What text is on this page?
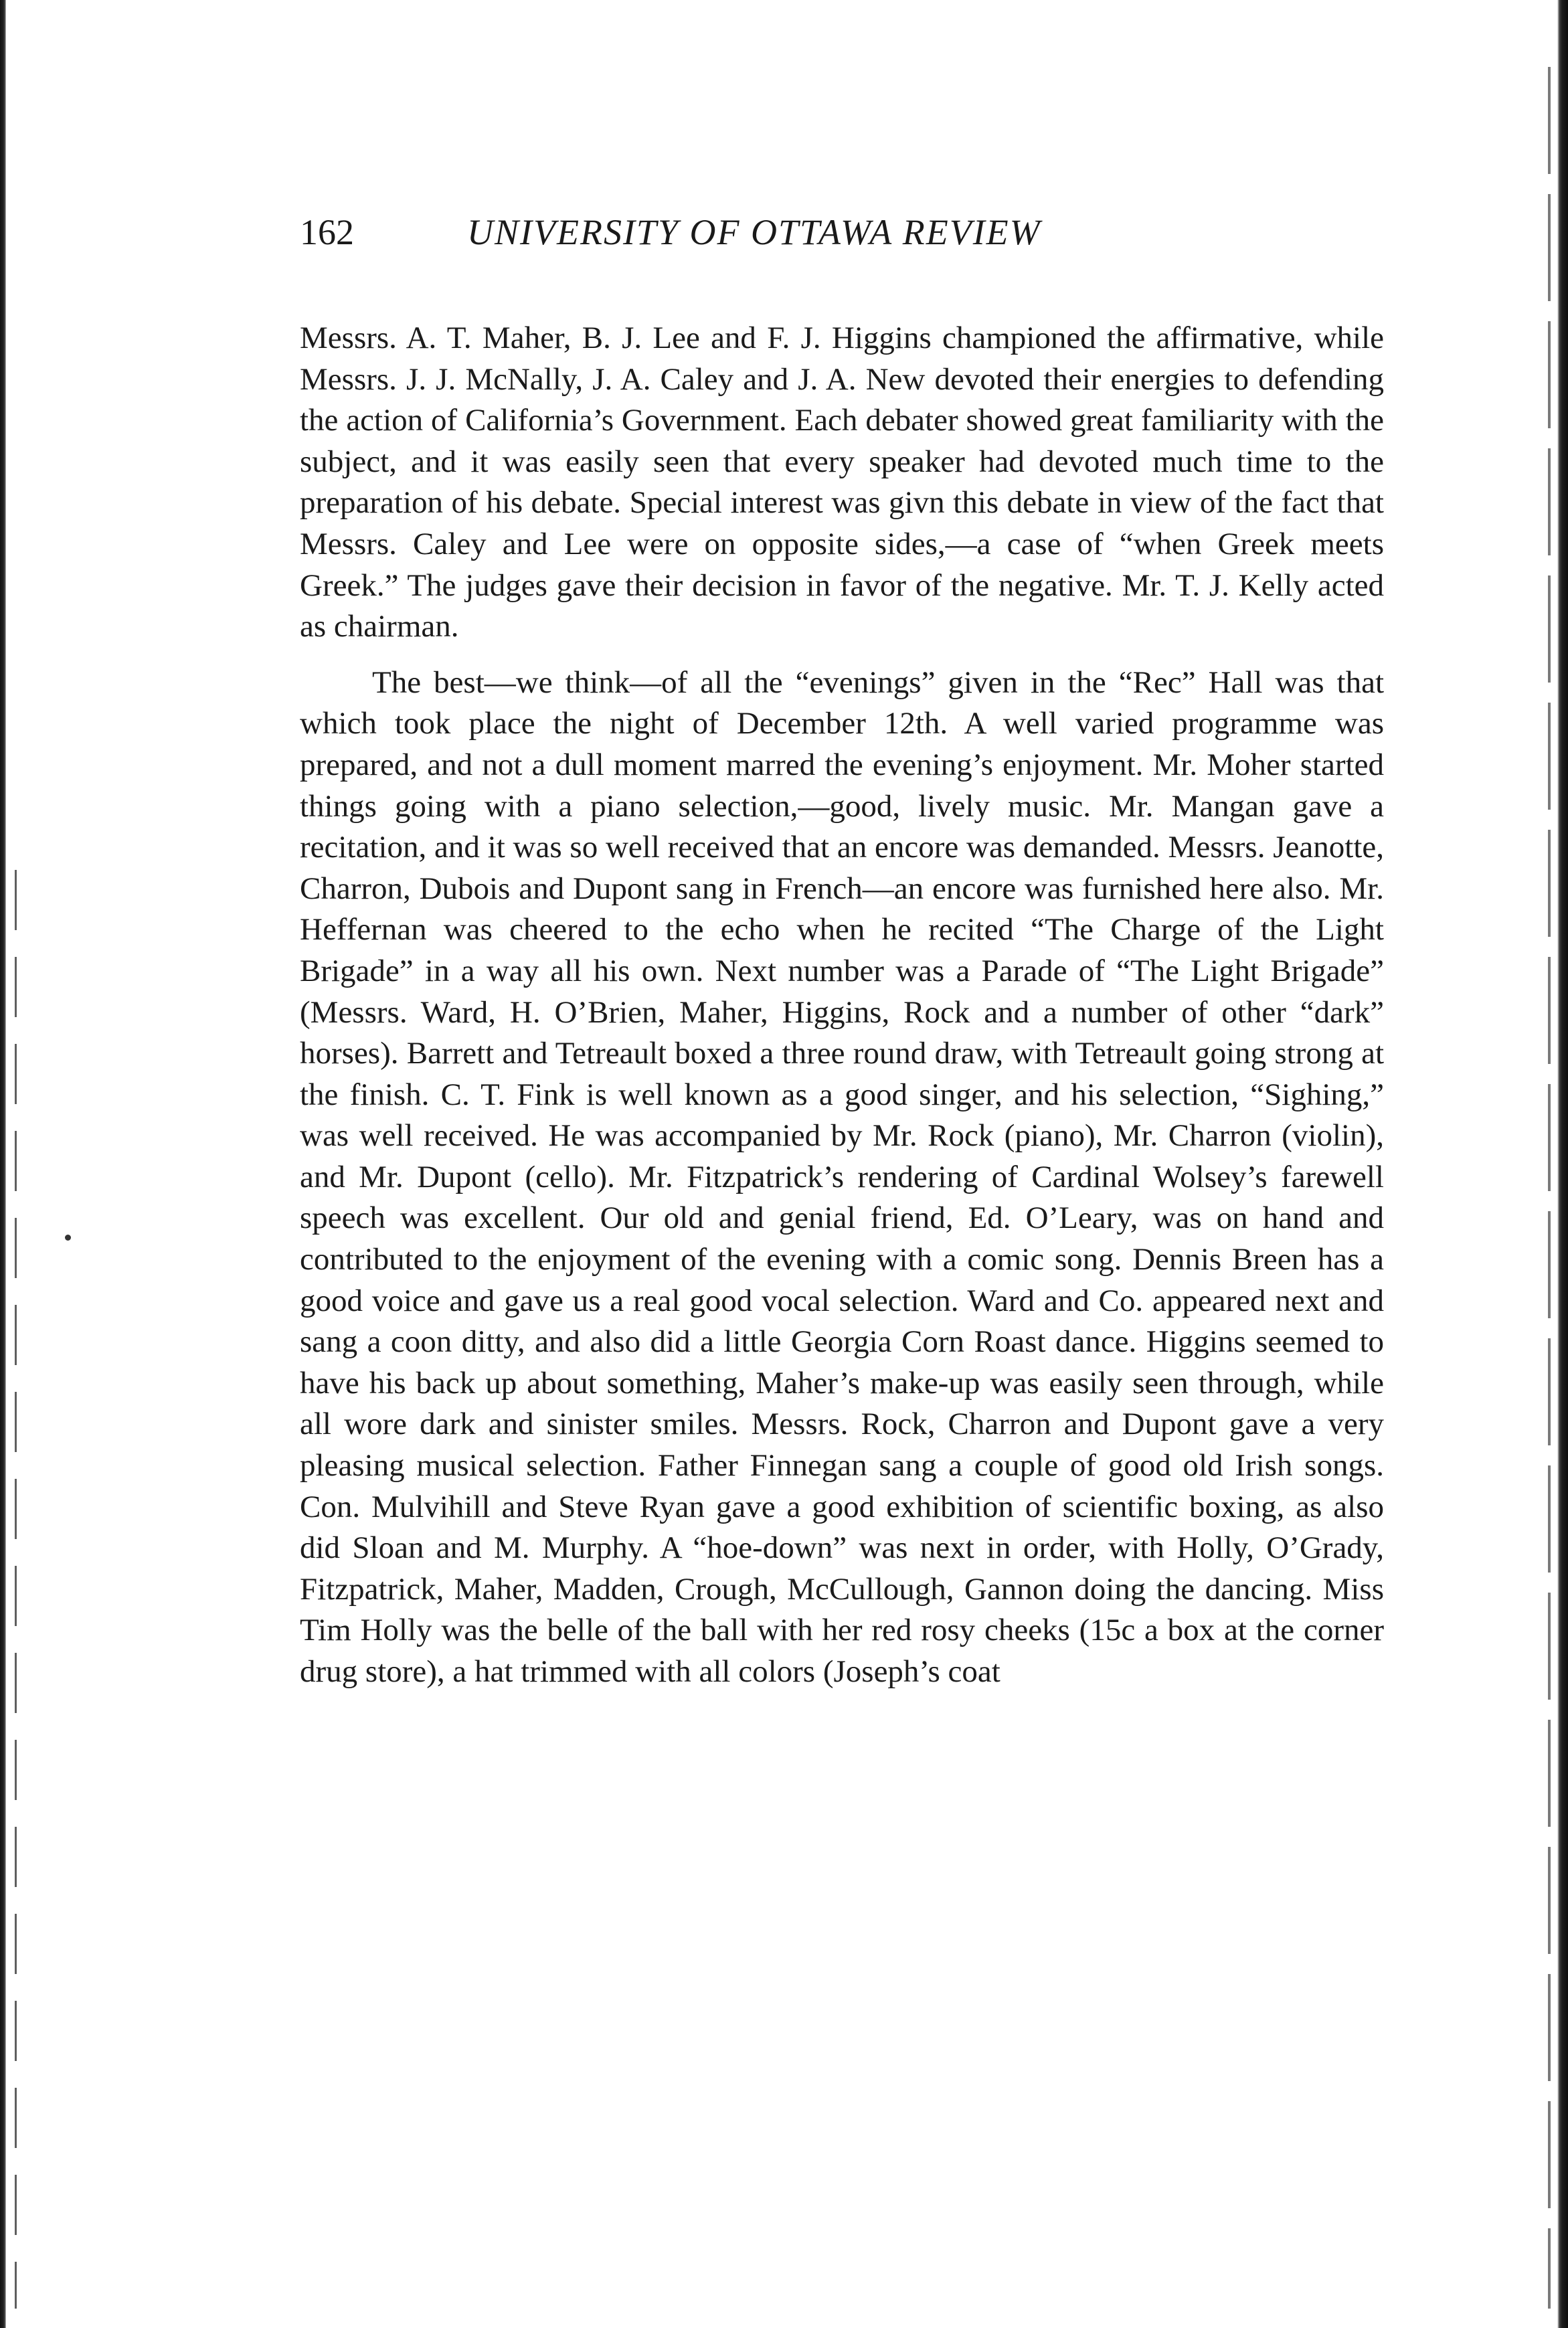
162	UNIVERSITY OF OTTAWA REVIEW

Messrs. A. T. Maher, B. J. Lee and F. J. Higgins championed the affirmative, while Messrs. J. J. McNally, J. A. Caley and J. A. New devoted their energies to defending the action of California’s Government. Each debater showed great familiarity with the subject, and it was easily seen that every speaker had devoted much time to the preparation of his debate. Special interest was givn this debate in view of the fact that Messrs. Caley and Lee were on opposite sides,—a case of “when Greek meets Greek.” The judges gave their decision in favor of the negative. Mr. T. J. Kelly acted as chairman.

The best—we think—of all the “evenings” given in the “Rec” Hall was that which took place the night of December 12th. A well varied programme was prepared, and not a dull moment marred the evening’s enjoyment. Mr. Moher started things going with a piano selection,—good, lively music. Mr. Mangan gave a recitation, and it was so well received that an encore was demanded. Messrs. Jeanotte, Charron, Dubois and Dupont sang in French—an encore was furnished here also. Mr. Heffernan was cheered to the echo when he recited “The Charge of the Light Brigade” in a way all his own. Next number was a Parade of “The Light Brigade” (Messrs. Ward, H. O’Brien, Maher, Higgins, Rock and a number of other “dark” horses). Barrett and Tetreault boxed a three round draw, with Tetreault going strong at the finish. C. T. Fink is well known as a good singer, and his selection, “Sighing,” was well received. He was accompanied by Mr. Rock (piano), Mr. Charron (violin), and Mr. Dupont (cello). Mr. Fitzpatrick’s rendering of Cardinal Wolsey’s farewell speech was excellent. Our old and genial friend, Ed. O’Leary, was on hand and contributed to the enjoyment of the evening with a comic song. Dennis Breen has a good voice and gave us a real good vocal selection. Ward and Co. appeared next and sang a coon ditty, and also did a little Georgia Corn Roast dance. Higgins seemed to have his back up about something, Maher’s make-up was easily seen through, while all wore dark and sinister smiles. Messrs. Rock, Charron and Dupont gave a very pleasing musical selection. Father Finnegan sang a couple of good old Irish songs. Con. Mulvihill and Steve Ryan gave a good exhibition of scientific boxing, as also did Sloan and M. Murphy. A “hoe-down” was next in order, with Holly, O’Grady, Fitzpatrick, Maher, Madden, Crough, McCullough, Gannon doing the dancing. Miss Tim Holly was the belle of the ball with her red rosy cheeks (15c a box at the corner drug store), a hat trimmed with all colors (Joseph’s coat
